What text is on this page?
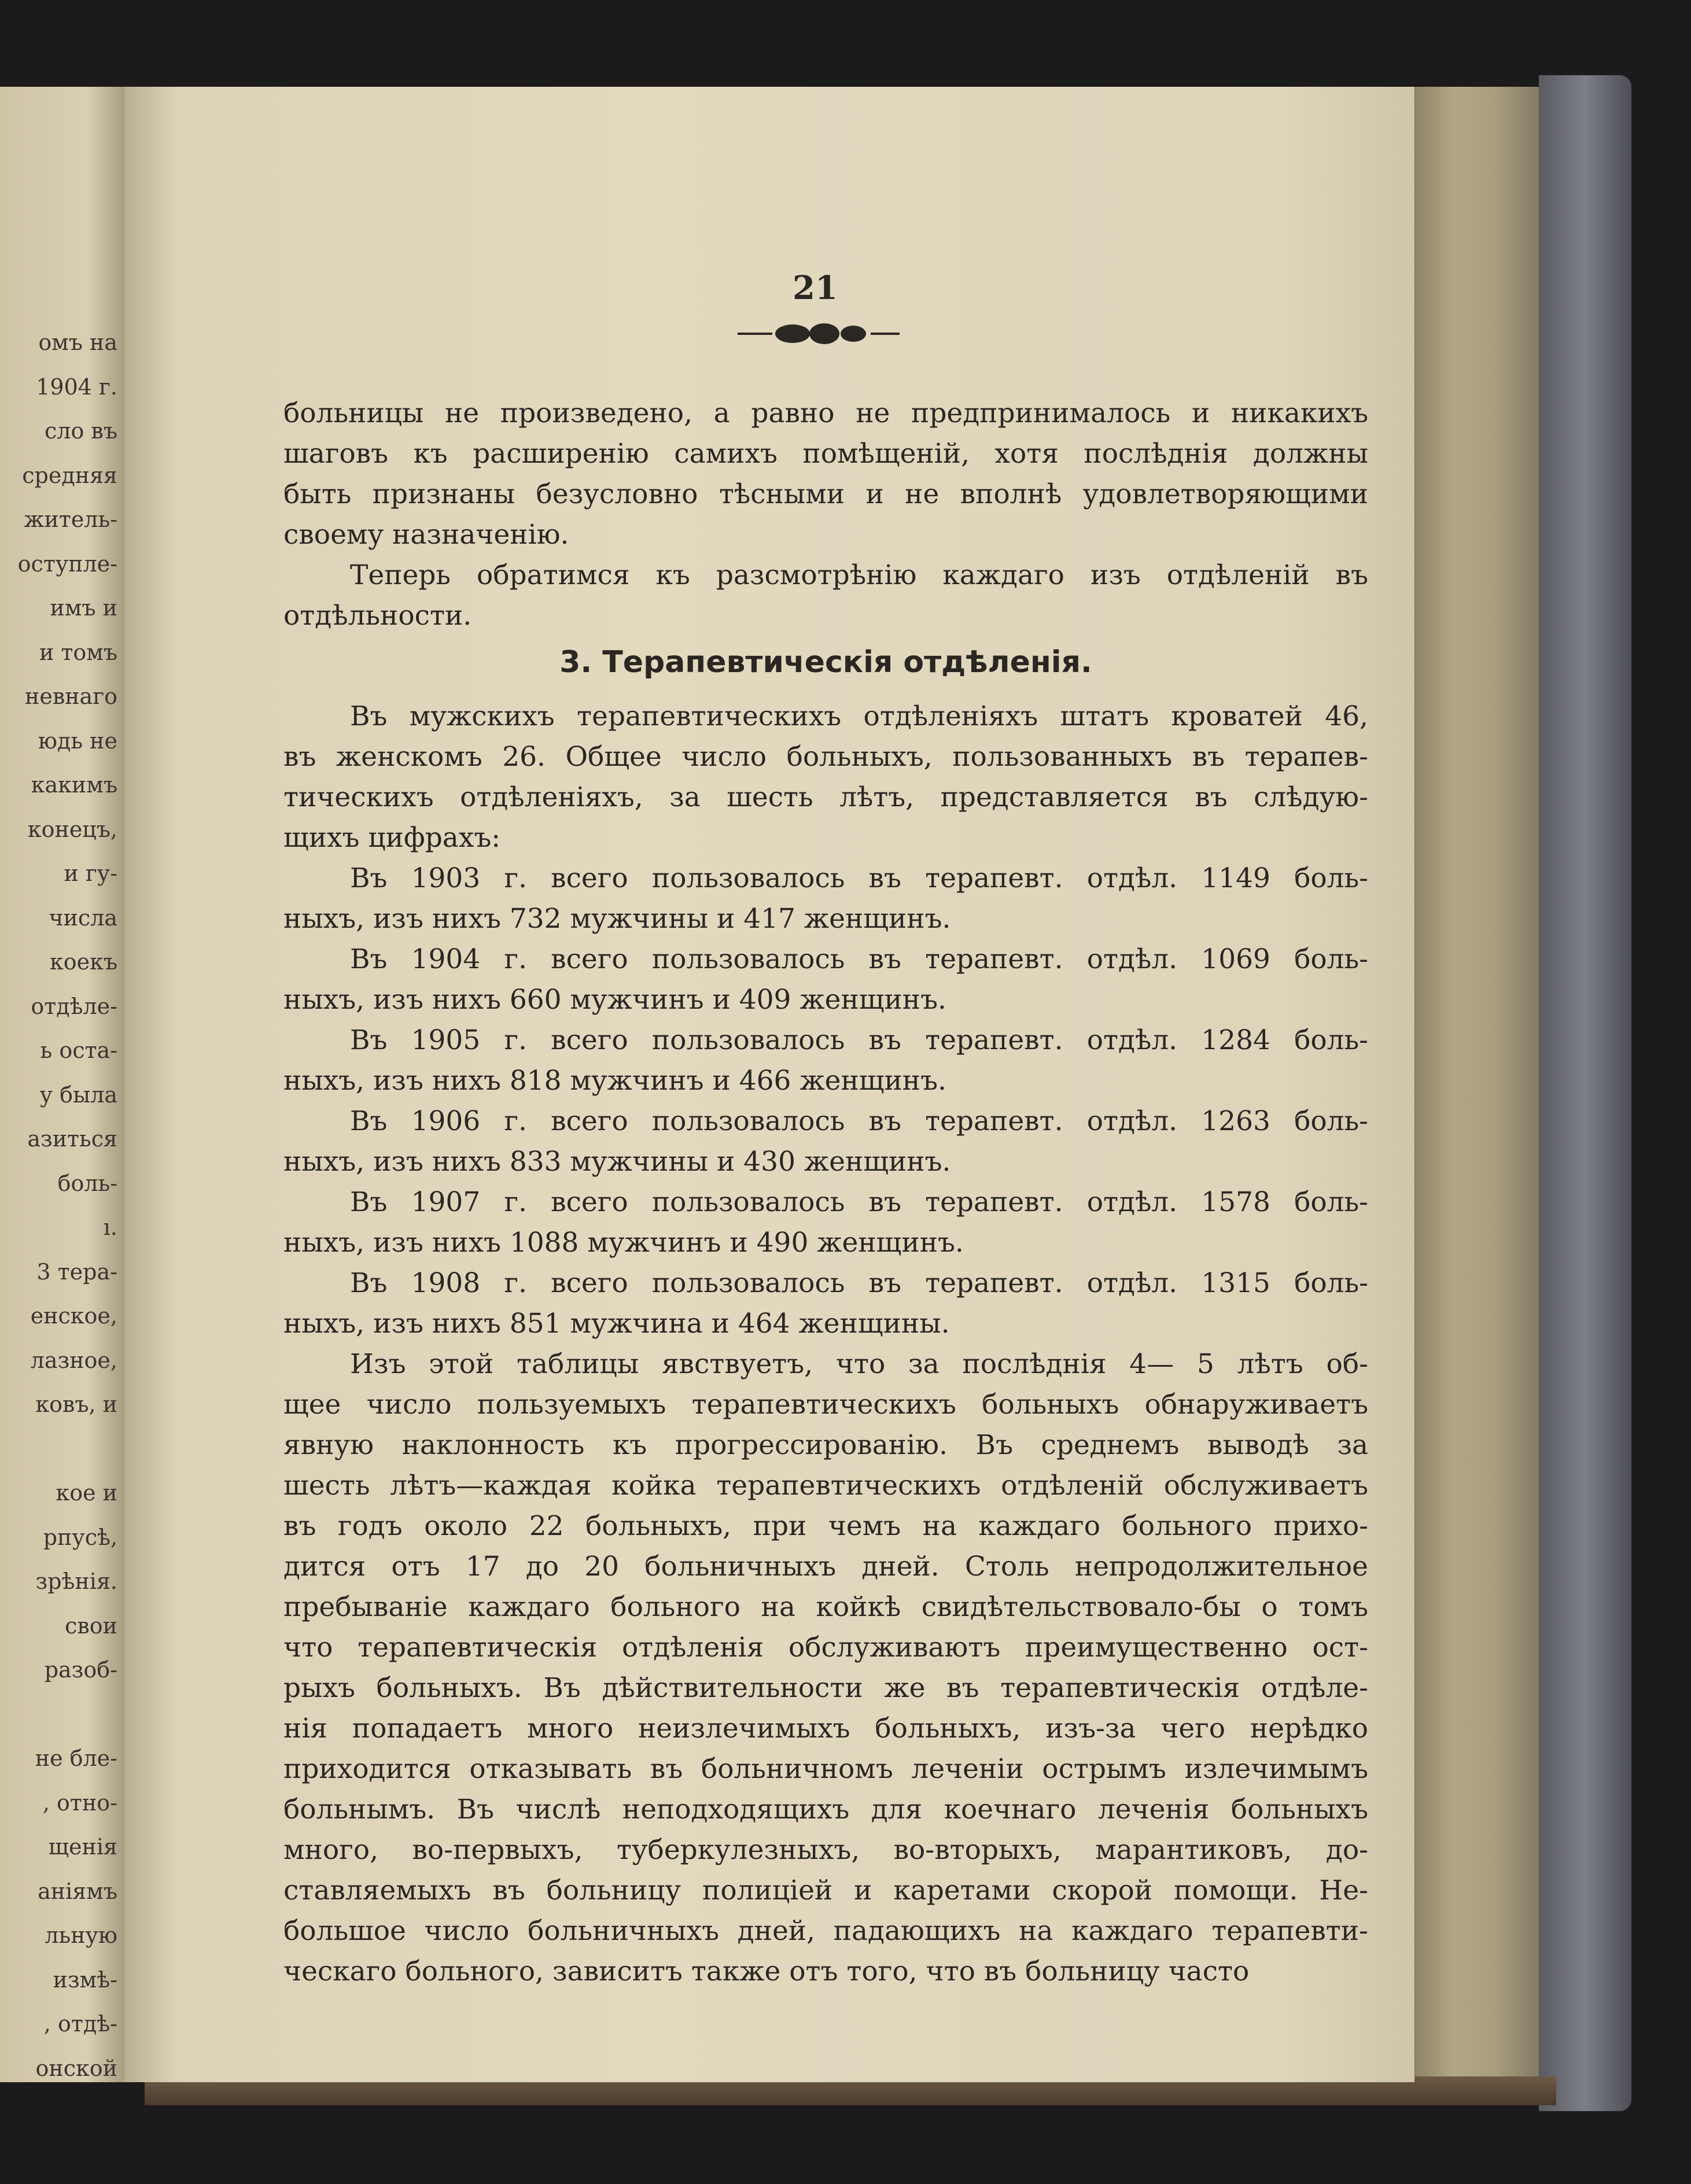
омъ на
1904 г.
сло въ
средняя
житель-
оступле-
имъ и
и томъ
невнаго
юдь не
какимъ
конецъ,
и гу-
числа
коекъ
отдѣле-
ь оста-
у была
азиться
боль-
ı.
3 тера-
енское,
лазное,
ковъ, и
кое и
рпусѣ,
зрѣнія.
свои
разоб-
не бле-
, отно-
щенія
аніямъ
льную
измѣ-
, отдѣ-
онской
21
больницы не произведено, а равно не предпринималось и никакихъ
шаговъ къ расширенію самихъ помѣщеній, хотя послѣднія должны
быть признаны безусловно тѣсными и не вполнѣ удовлетворяющими
своему назначенію.
Теперь обратимся къ разсмотрѣнію каждаго изъ отдѣленій въ
отдѣльности.
3. Терапевтическія отдѣленія.
Въ мужскихъ терапевтическихъ отдѣленіяхъ штатъ кроватей 46,
въ женскомъ 26. Общее число больныхъ, пользованныхъ въ терапев-
тическихъ отдѣленіяхъ, за шесть лѣтъ, представляется въ слѣдую-
щихъ цифрахъ:
Въ 1903 г. всего пользовалось въ терапевт. отдѣл. 1149 боль-
ныхъ, изъ нихъ 732 мужчины и 417 женщинъ.
Въ 1904 г. всего пользовалось въ терапевт. отдѣл. 1069 боль-
ныхъ, изъ нихъ 660 мужчинъ и 409 женщинъ.
Въ 1905 г. всего пользовалось въ терапевт. отдѣл. 1284 боль-
ныхъ, изъ нихъ 818 мужчинъ и 466 женщинъ.
Въ 1906 г. всего пользовалось въ терапевт. отдѣл. 1263 боль-
ныхъ, изъ нихъ 833 мужчины и 430 женщинъ.
Въ 1907 г. всего пользовалось въ терапевт. отдѣл. 1578 боль-
ныхъ, изъ нихъ 1088 мужчинъ и 490 женщинъ.
Въ 1908 г. всего пользовалось въ терапевт. отдѣл. 1315 боль-
ныхъ, изъ нихъ 851 мужчина и 464 женщины.
Изъ этой таблицы явствуетъ, что за послѣднія 4— 5 лѣтъ об-
щее число пользуемыхъ терапевтическихъ больныхъ обнаруживаетъ
явную наклонность къ прогрессированію. Въ среднемъ выводѣ за
шесть лѣтъ—каждая койка терапевтическихъ отдѣленій обслуживаетъ
въ годъ около 22 больныхъ, при чемъ на каждаго больного прихо-
дится отъ 17 до 20 больничныхъ дней. Столь непродолжительное
пребываніе каждаго больного на койкѣ свидѣтельствовало-бы о томъ
что терапевтическія отдѣленія обслуживаютъ преимущественно ост-
рыхъ больныхъ. Въ дѣйствительности же въ терапевтическія отдѣле-
нія попадаетъ много неизлечимыхъ больныхъ, изъ-за чего нерѣдко
приходится отказывать въ больничномъ леченіи острымъ излечимымъ
больнымъ. Въ числѣ неподходящихъ для коечнаго леченія больныхъ
много, во-первыхъ, туберкулезныхъ, во-вторыхъ, марантиковъ, до-
ставляемыхъ въ больницу полиціей и каретами скорой помощи. Не-
большое число больничныхъ дней, падающихъ на каждаго терапевти-
ческаго больного, зависитъ также отъ того, что въ больницу часто
